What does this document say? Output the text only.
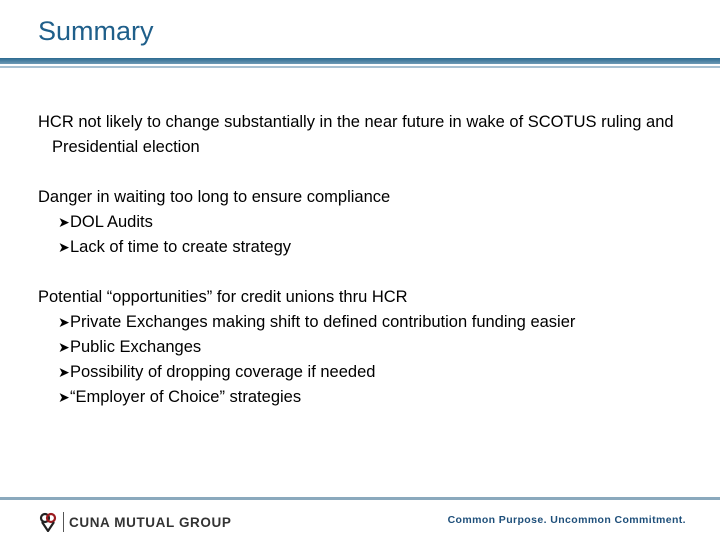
Summary
HCR not likely to change substantially in the near future in wake of SCOTUS ruling and Presidential election
Danger in waiting too long to ensure compliance
➤DOL Audits
➤Lack of time to create strategy
Potential “opportunities” for credit unions thru HCR
➤Private Exchanges making shift to defined contribution funding easier
➤Public Exchanges
➤Possibility of dropping coverage if needed
➤“Employer of Choice” strategies
CUNA MUTUAL GROUP	Common Purpose. Uncommon Commitment.
